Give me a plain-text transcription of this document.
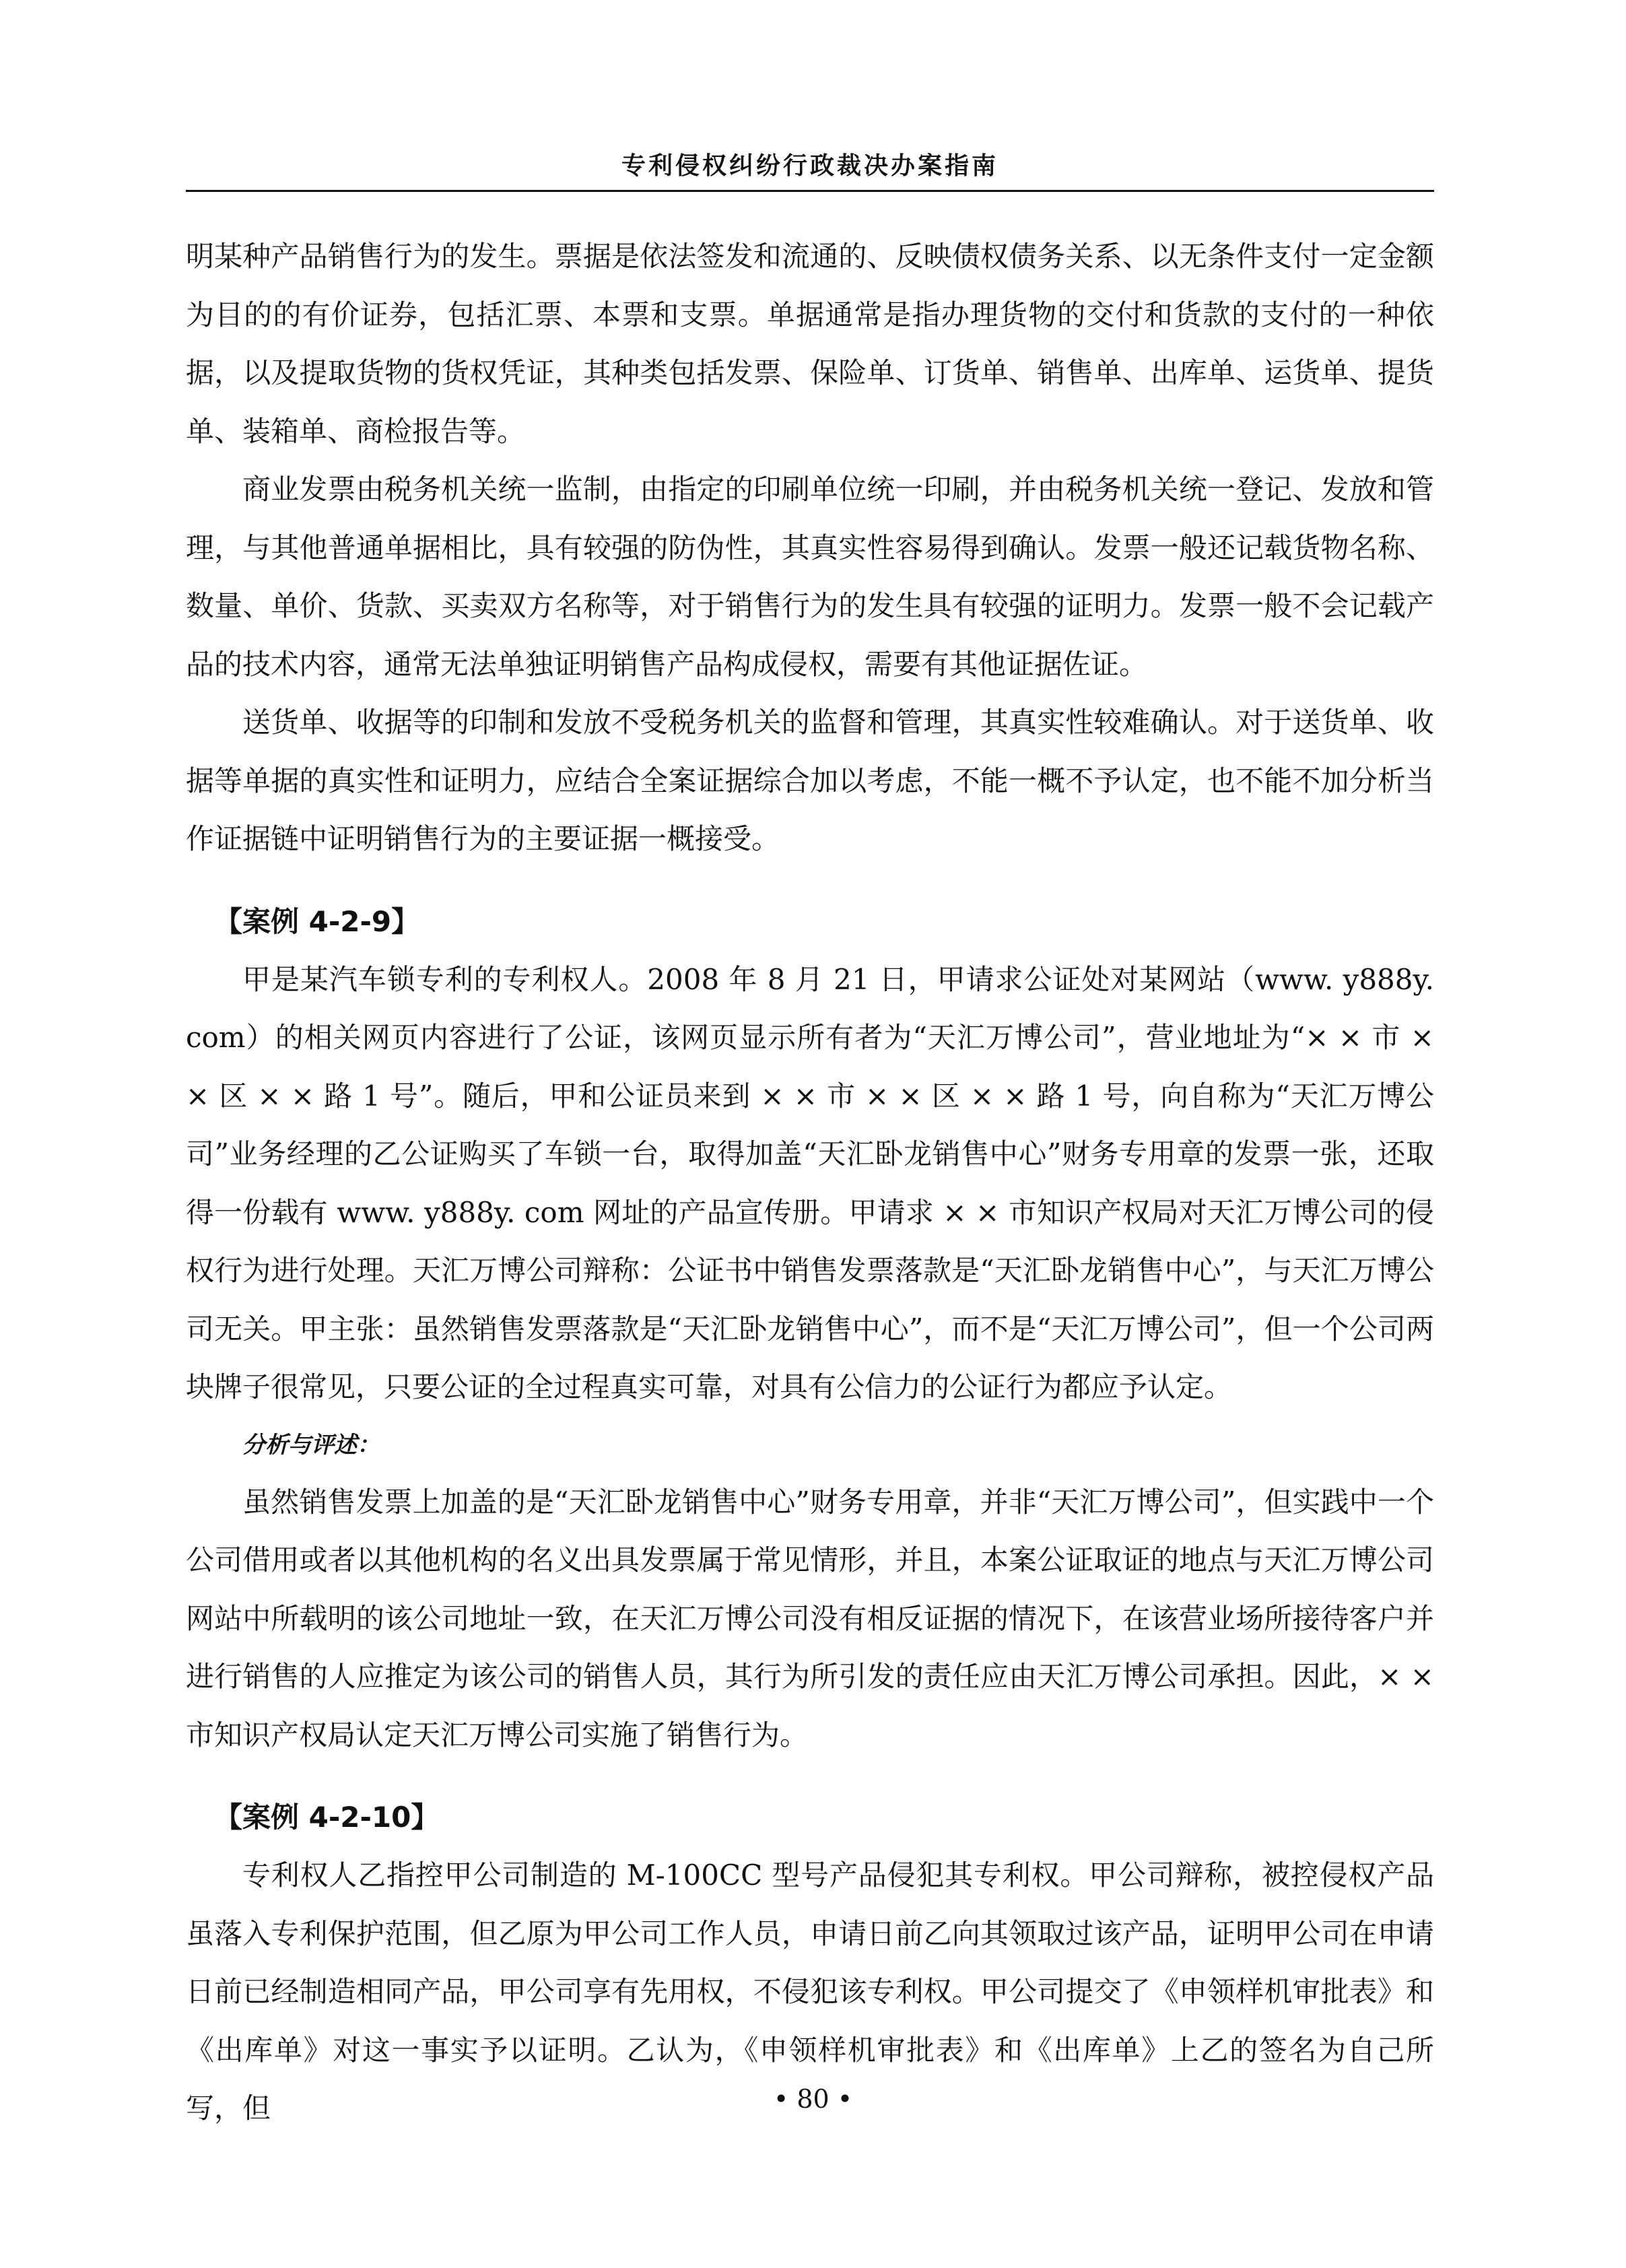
专利侵权纠纷行政裁决办案指南

明某种产品销售行为的发生。票据是依法签发和流通的、反映债权债务关系、以无条件支付一定金额为目的的有价证券，包括汇票、本票和支票。单据通常是指办理货物的交付和货款的支付的一种依据，以及提取货物的货权凭证，其种类包括发票、保险单、订货单、销售单、出库单、运货单、提货单、装箱单、商检报告等。

商业发票由税务机关统一监制，由指定的印刷单位统一印刷，并由税务机关统一登记、发放和管理，与其他普通单据相比，具有较强的防伪性，其真实性容易得到确认。发票一般还记载货物名称、数量、单价、货款、买卖双方名称等，对于销售行为的发生具有较强的证明力。发票一般不会记载产品的技术内容，通常无法单独证明销售产品构成侵权，需要有其他证据佐证。

送货单、收据等的印制和发放不受税务机关的监督和管理，其真实性较难确认。对于送货单、收据等单据的真实性和证明力，应结合全案证据综合加以考虑，不能一概不予认定，也不能不加分析当作证据链中证明销售行为的主要证据一概接受。

【案例 4-2-9】

甲是某汽车锁专利的专利权人。2008 年 8 月 21 日，甲请求公证处对某网站（www. y888y. com）的相关网页内容进行了公证，该网页显示所有者为“天汇万博公司”，营业地址为“× × 市 × × 区 × × 路 1 号”。随后，甲和公证员来到 × × 市 × × 区 × × 路 1 号，向自称为“天汇万博公司”业务经理的乙公证购买了车锁一台，取得加盖“天汇卧龙销售中心”财务专用章的发票一张，还取得一份载有 www. y888y. com 网址的产品宣传册。甲请求 × × 市知识产权局对天汇万博公司的侵权行为进行处理。天汇万博公司辩称：公证书中销售发票落款是“天汇卧龙销售中心”，与天汇万博公司无关。甲主张：虽然销售发票落款是“天汇卧龙销售中心”，而不是“天汇万博公司”，但一个公司两块牌子很常见，只要公证的全过程真实可靠，对具有公信力的公证行为都应予认定。

分析与评述：

虽然销售发票上加盖的是“天汇卧龙销售中心”财务专用章，并非“天汇万博公司”，但实践中一个公司借用或者以其他机构的名义出具发票属于常见情形，并且，本案公证取证的地点与天汇万博公司网站中所载明的该公司地址一致，在天汇万博公司没有相反证据的情况下，在该营业场所接待客户并进行销售的人应推定为该公司的销售人员，其行为所引发的责任应由天汇万博公司承担。因此，× × 市知识产权局认定天汇万博公司实施了销售行为。

【案例 4-2-10】

专利权人乙指控甲公司制造的 M-100CC 型号产品侵犯其专利权。甲公司辩称，被控侵权产品虽落入专利保护范围，但乙原为甲公司工作人员，申请日前乙向其领取过该产品，证明甲公司在申请日前已经制造相同产品，甲公司享有先用权，不侵犯该专利权。甲公司提交了《申领样机审批表》和《出库单》对这一事实予以证明。乙认为，《申领样机审批表》和《出库单》上乙的签名为自己所写，但	• 80 •
